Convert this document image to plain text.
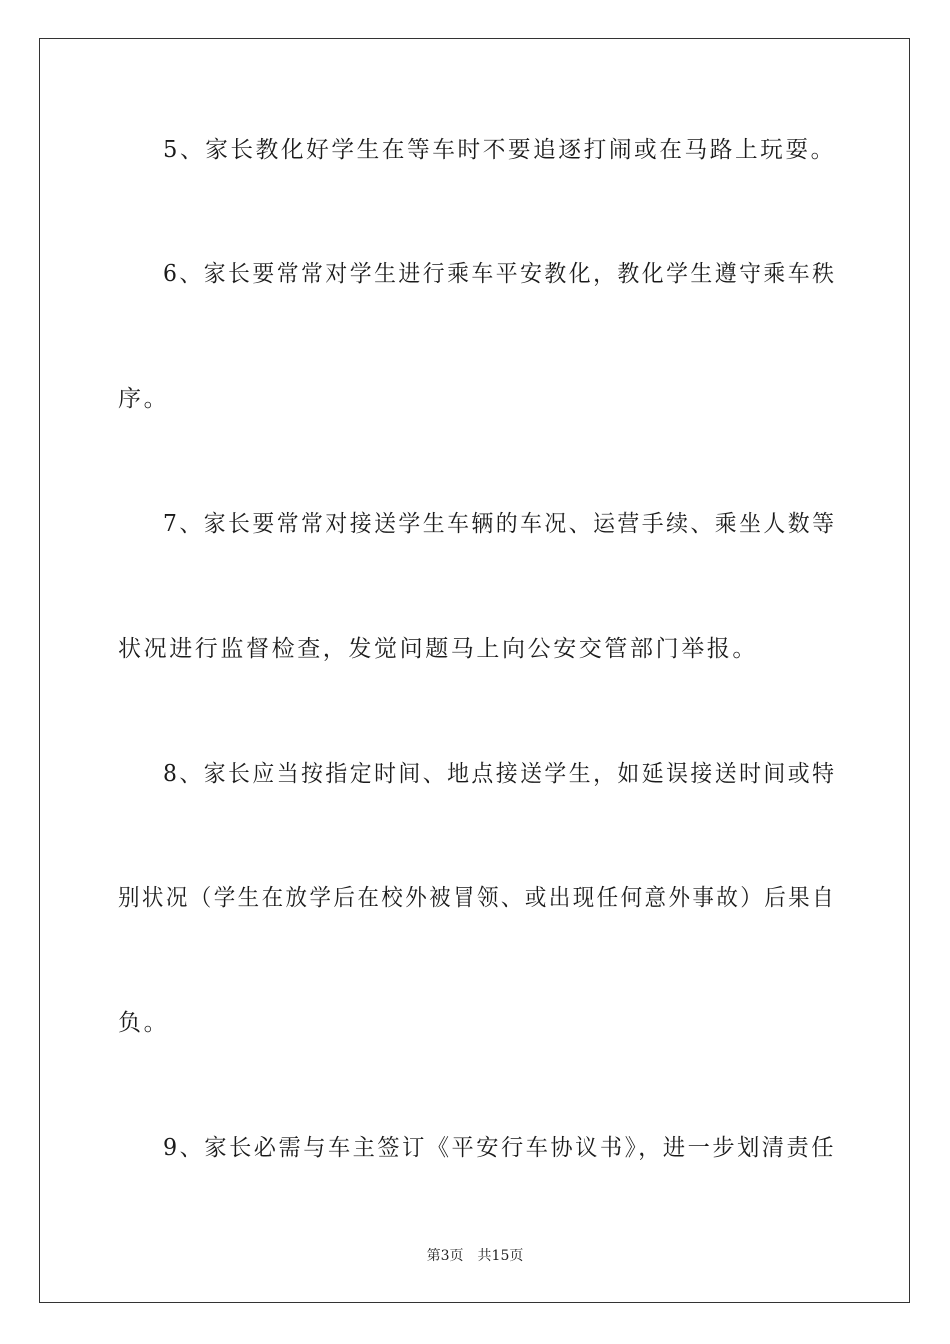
5、家长教化好学生在等车时不要追逐打闹或在马路上玩耍。
6、家长要常常对学生进行乘车平安教化，教化学生遵守乘车秩
序。
7、家长要常常对接送学生车辆的车况、运营手续、乘坐人数等
状况进行监督检查，发觉问题马上向公安交管部门举报。
8、家长应当按指定时间、地点接送学生，如延误接送时间或特
别状况（学生在放学后在校外被冒领、或出现任何意外事故）后果自
负。
9、家长必需与车主签订《平安行车协议书》，进一步划清责任
第3页 共15页
